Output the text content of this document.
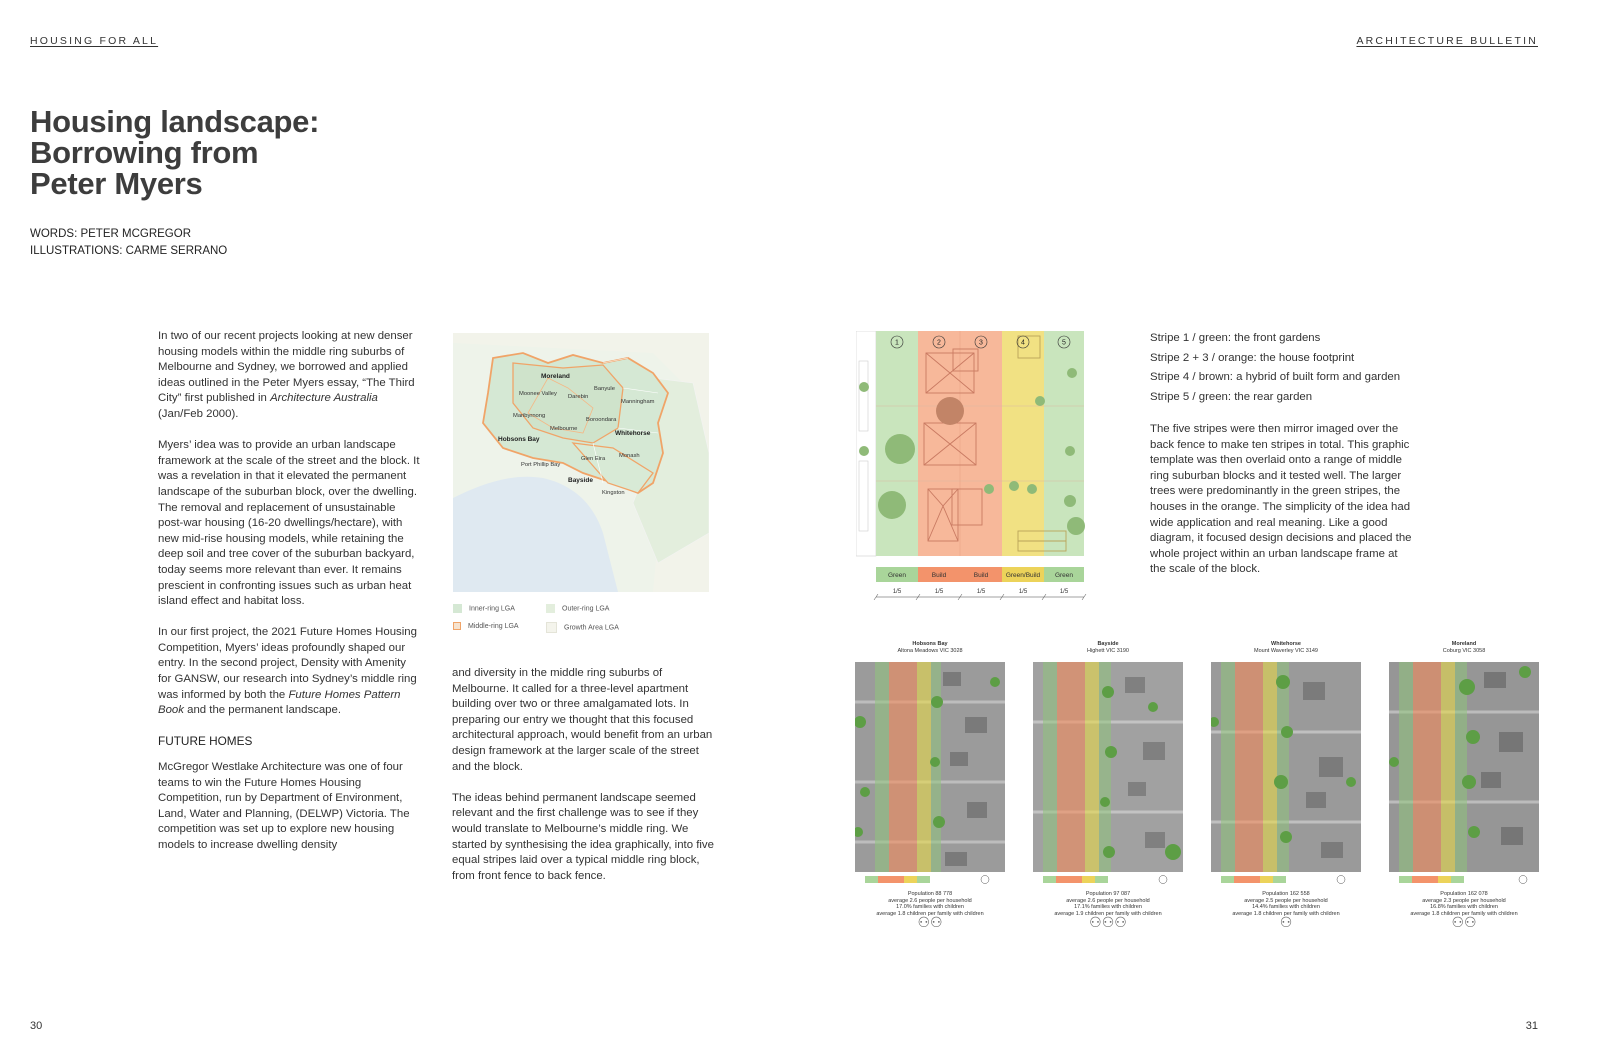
HOUSING FOR ALL	ARCHITECTURE BULLETIN
Housing landscape:
Borrowing from
Peter Myers
WORDS: PETER MCGREGOR
ILLUSTRATIONS: CARME SERRANO

In two of our recent projects looking at new denser housing models within the middle ring suburbs of Melbourne and Sydney, we borrowed and applied ideas outlined in the Peter Myers essay, “The Third City” first published in Architecture Australia (Jan/Feb 2000).

Myers’ idea was to provide an urban landscape framework at the scale of the street and the block. It was a revelation in that it elevated the permanent landscape of the suburban block, over the dwelling. The removal and replacement of unsustainable post-war housing (16-20 dwellings/hectare), with new mid-rise housing models, while retaining the deep soil and tree cover of the suburban backyard, today seems more relevant than ever. It remains prescient in confronting issues such as urban heat island effect and habitat loss.

In our first project, the 2021 Future Homes Housing Competition, Myers’ ideas profoundly shaped our entry. In the second project, Density with Amenity for GANSW, our research into Sydney’s middle ring was informed by both the Future Homes Pattern Book and the permanent landscape.

FUTURE HOMES

McGregor Westlake Architecture was one of four teams to win the Future Homes Housing Competition, run by Department of Environment, Land, Water and Planning, (DELWP) Victoria. The competition was set up to explore new housing models to increase dwelling density

Moreland
Banyule
Moonee Valley Darebin
Manningham
Maribyrnong
Boroondara
Melbourne
Whitehorse
Hobsons Bay
Port Phillip Bay
Glen Eira Monash
Bayside
Kingston
Inner-ring LGA	Outer-ring LGA
Middle-ring LGA	Growth Area LGA

and diversity in the middle ring suburbs of Melbourne. It called for a three-level apartment building over two or three amalgamated lots. In preparing our entry we thought that this focused architectural approach, would benefit from an urban design framework at the larger scale of the street and the block.

The ideas behind permanent landscape seemed relevant and the first challenge was to see if they would translate to Melbourne’s middle ring. We started by synthesising the idea graphically, into five equal stripes laid over a typical middle ring block, from front fence to back fence.

1	2	3	4	5
Green	Build	Build	Green/Build Green
1/5	1/5	1/5	1/5	1/5
Stripe 1 / green: the front gardens
Stripe 2 + 3 / orange: the house footprint
Stripe 4 / brown: a hybrid of built form and garden
Stripe 5 / green: the rear garden

The five stripes were then mirror imaged over the back fence to make ten stripes in total. This graphic template was then overlaid onto a range of middle ring suburban blocks and it tested well. The larger trees were predominantly in the green stripes, the houses in the orange. The simplicity of the idea had wide application and real meaning. Like a good diagram, it focused design decisions and placed the whole project within an urban landscape frame at the scale of the block.

Hobsons Bay
Altona Meadows VIC 3028
Population 88 778
average 2.6 people per household
17.0% families with children
average 1.8 children per family with children
⚇⚇
Bayside
Highett VIC 3190
Population 97 087
average 2.6 people per household
17.1% families with children
average 1.9 children per family with children
⚇⚇⚇
Whitehorse
Mount Waverley VIC 3149
Population 162 558
average 2.5 people per household
14.4% families with children
average 1.8 children per family with children
⚇
Moreland
Coburg VIC 3058
Population 162 078
average 2.3 people per household
16.8% families with children
average 1.8 children per family with children
⚇⚇
30	31
